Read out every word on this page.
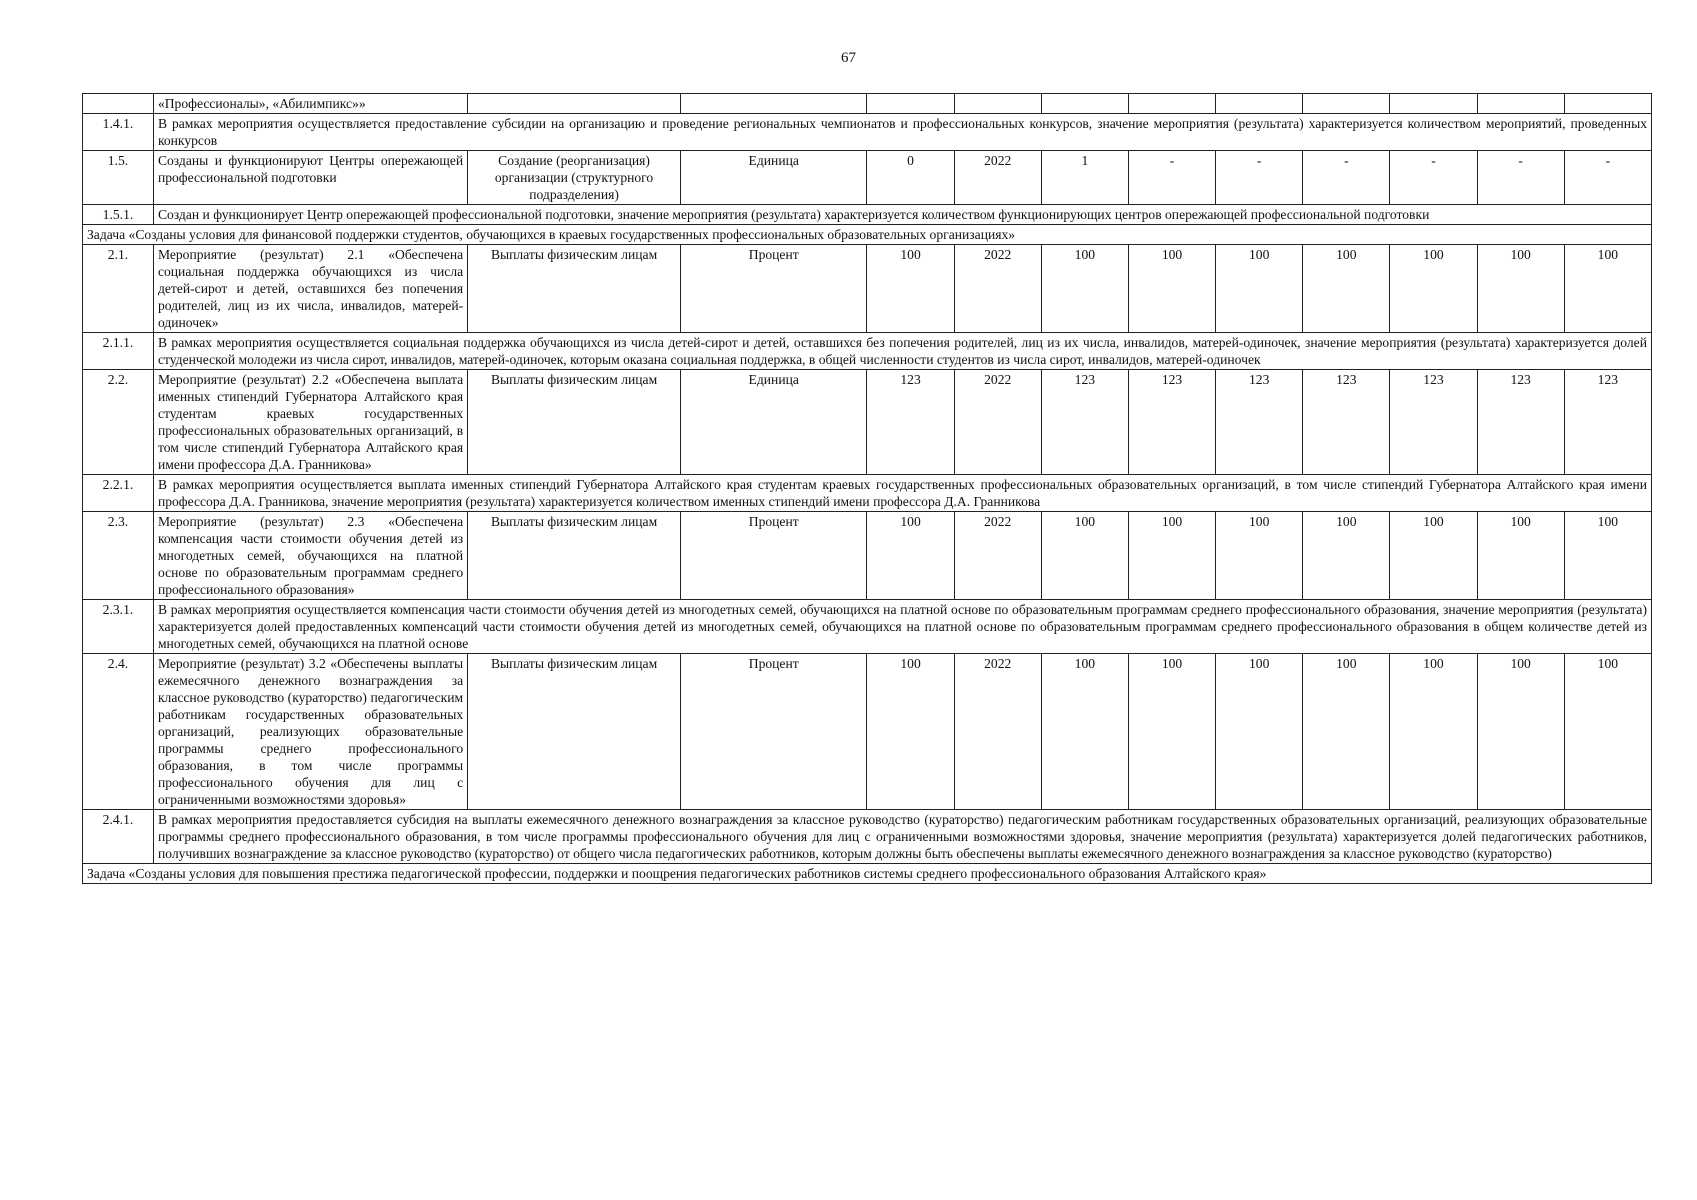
67
	«Профессионалы», «Абилимпикс»»											
1.4.1.	В рамках мероприятия осуществляется предоставление субсидии на организацию и проведение региональных чемпионатов и профессиональных конкурсов, значение мероприятия (результата) характеризуется количеством мероприятий, проведенных конкурсов											
1.5.	Созданы и функционируют Центры опережающей профессиональной подготовки	Создание (реорганизация) организации (структурного подразделения)	Единица	0	2022	1	-	-	-	-	-	-
1.5.1.	Создан и функционирует Центр опережающей профессиональной подготовки, значение мероприятия (результата) характеризуется количеством функционирующих центров опережающей профессиональной подготовки											
Задача «Созданы условия для финансовой поддержки студентов, обучающихся в краевых государственных профессиональных образовательных организациях»												
2.1.	Мероприятие (результат) 2.1 «Обеспечена социальная поддержка обучающихся из числа детей-сирот и детей, оставшихся без попечения родителей, лиц из их числа, инвалидов, матерей-одиночек»	Выплаты физическим лицам	Процент	100	2022	100	100	100	100	100	100	100
2.1.1.	В рамках мероприятия осуществляется социальная поддержка обучающихся из числа детей-сирот и детей, оставшихся без попечения родителей, лиц из их числа, инвалидов, матерей-одиночек, значение мероприятия (результата) характеризуется долей студенческой молодежи из числа сирот, инвалидов, матерей-одиночек, которым оказана социальная поддержка, в общей численности студентов из числа сирот, инвалидов, матерей-одиночек											
2.2.	Мероприятие (результат) 2.2 «Обеспечена выплата именных стипендий Губернатора Алтайского края студентам краевых государственных профессиональных образовательных организаций, в том числе стипендий Губернатора Алтайского края имени профессора Д.А. Гранникова»	Выплаты физическим лицам	Единица	123	2022	123	123	123	123	123	123	123
2.2.1.	В рамках мероприятия осуществляется выплата именных стипендий Губернатора Алтайского края студентам краевых государственных профессиональных образовательных организаций, в том числе стипендий Губернатора Алтайского края имени профессора Д.А. Гранникова, значение мероприятия (результата) характеризуется количеством именных стипендий имени профессора Д.А. Гранникова											
2.3.	Мероприятие (результат) 2.3 «Обеспечена компенсация части стоимости обучения детей из многодетных семей, обучающихся на платной основе по образовательным программам среднего профессионального образования»	Выплаты физическим лицам	Процент	100	2022	100	100	100	100	100	100	100
2.3.1.	В рамках мероприятия осуществляется компенсация части стоимости обучения детей из многодетных семей, обучающихся на платной основе по образовательным программам среднего профессионального образования, значение мероприятия (результата) характеризуется долей предоставленных компенсаций части стоимости обучения детей из многодетных семей, обучающихся на платной основе по образовательным программам среднего профессионального образования в общем количестве детей из многодетных семей, обучающихся на платной основе											
2.4.	Мероприятие (результат) 3.2 «Обеспечены выплаты ежемесячного денежного вознаграждения за классное руководство (кураторство) педагогическим работникам государственных образовательных организаций, реализующих образовательные программы среднего профессионального образования, в том числе программы профессионального обучения для лиц с ограниченными возможностями здоровья»	Выплаты физическим лицам	Процент	100	2022	100	100	100	100	100	100	100
2.4.1.	В рамках мероприятия предоставляется субсидия на выплаты ежемесячного денежного вознаграждения за классное руководство (кураторство) педагогическим работникам государственных образовательных организаций, реализующих образовательные программы среднего профессионального образования, в том числе программы профессионального обучения для лиц с ограниченными возможностями здоровья, значение мероприятия (результата) характеризуется долей педагогических работников, получивших вознаграждение за классное руководство (кураторство) от общего числа педагогических работников, которым должны быть обеспечены выплаты ежемесячного денежного вознаграждения за классное руководство (кураторство)											
Задача «Созданы условия для повышения престижа педагогической профессии, поддержки и поощрения педагогических работников системы среднего профессионального образования Алтайского края»												
